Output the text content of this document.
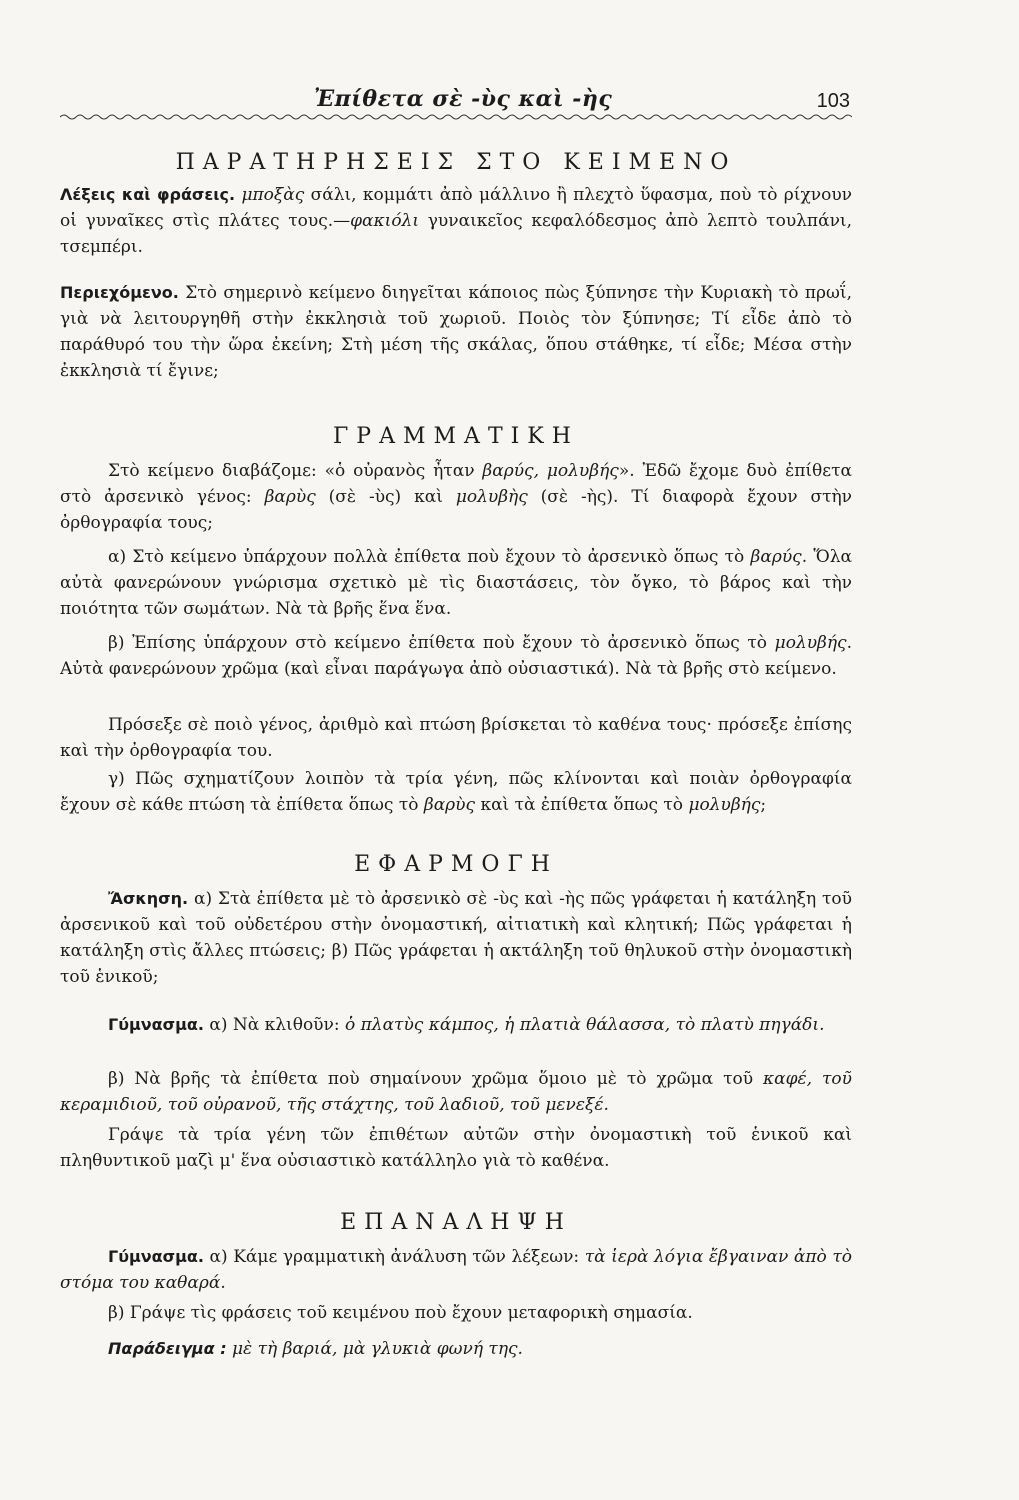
Ἐπίθετα σὲ -ὺς καὶ -ὴς	103
ΠΑΡΑΤΗΡΗΣΕΙΣ ΣΤΟ ΚΕΙΜΕΝΟ

Λέξεις καὶ φράσεις. μποξὰς σάλι, κομμάτι ἀπὸ μάλλινο ἢ πλεχτὸ ὕφασμα, ποὺ τὸ ρίχνουν οἱ γυναῖκες στὶς πλάτες τους.—φακιόλι γυναικεῖος κεφαλόδεσμος ἀπὸ λεπτὸ τουλπάνι, τσεμπέρι.

Περιεχόμενο. Στὸ σημερινὸ κείμενο διηγεῖται κάποιος πὼς ξύπνησε τὴν Κυριακὴ τὸ πρωΐ, γιὰ νὰ λειτουργηθῆ στὴν ἐκκλησιὰ τοῦ χωριοῦ. Ποιὸς τὸν ξύπνησε; Τί εἶδε ἀπὸ τὸ παράθυρό του τὴν ὥρα ἐκείνη; Στὴ μέση τῆς σκάλας, ὅπου στάθηκε, τί εἶδε; Μέσα στὴν ἐκκλησιὰ τί ἔγινε;

ΓΡΑΜΜΑΤΙΚΗ

Στὸ κείμενο διαβάζομε: «ὁ οὐρανὸς ἦταν βαρύς, μολυβής». Ἐδῶ ἔχομε δυὸ ἐπίθετα στὸ ἀρσενικὸ γένος: βαρὺς (σὲ -ὺς) καὶ μολυβὴς (σὲ -ὴς). Τί διαφορὰ ἔχουν στὴν ὀρθογραφία τους;

α) Στὸ κείμενο ὑπάρχουν πολλὰ ἐπίθετα ποὺ ἔχουν τὸ ἀρσενικὸ ὅπως τὸ βαρύς. Ὅλα αὐτὰ φανερώνουν γνώρισμα σχετικὸ μὲ τὶς διαστάσεις, τὸν ὄγκο, τὸ βάρος καὶ τὴν ποιότητα τῶν σωμάτων. Νὰ τὰ βρῆς ἕνα ἕνα.

β) Ἐπίσης ὑπάρχουν στὸ κείμενο ἐπίθετα ποὺ ἔχουν τὸ ἀρσενικὸ ὅπως τὸ μολυβής. Αὐτὰ φανερώνουν χρῶμα (καὶ εἶναι παράγωγα ἀπὸ οὐσιαστικά). Νὰ τὰ βρῆς στὸ κείμενο.

Πρόσεξε σὲ ποιὸ γένος, ἀριθμὸ καὶ πτώση βρίσκεται τὸ καθένα τους· πρόσεξε ἐπίσης καὶ τὴν ὀρθογραφία του.

γ) Πῶς σχηματίζουν λοιπὸν τὰ τρία γένη, πῶς κλίνονται καὶ ποιὰν ὀρθογραφία ἔχουν σὲ κάθε πτώση τὰ ἐπίθετα ὅπως τὸ βαρὺς καὶ τὰ ἐπίθετα ὅπως τὸ μολυβής;

ΕΦΑΡΜΟΓΗ

Ἄσκηση. α) Στὰ ἐπίθετα μὲ τὸ ἀρσενικὸ σὲ -ὺς καὶ -ὴς πῶς γράφεται ἡ κατάληξη τοῦ ἀρσενικοῦ καὶ τοῦ οὐδετέρου στὴν ὀνομαστική, αἰτιατικὴ καὶ κλητική; Πῶς γράφεται ἡ κατάληξη στὶς ἄλλες πτώσεις; β) Πῶς γράφεται ἡ ακτάληξη τοῦ θηλυκοῦ στὴν ὀνομαστικὴ τοῦ ἑνικοῦ;

Γύμνασμα. α) Νὰ κλιθοῦν: ὁ πλατὺς κάμπος, ἡ πλατιὰ θάλασσα, τὸ πλατὺ πηγάδι.

β) Νὰ βρῆς τὰ ἐπίθετα ποὺ σημαίνουν χρῶμα ὅμοιο μὲ τὸ χρῶμα τοῦ καφέ, τοῦ κεραμιδιοῦ, τοῦ οὐρανοῦ, τῆς στάχτης, τοῦ λαδιοῦ, τοῦ μενεξέ.

Γράψε τὰ τρία γένη τῶν ἐπιθέτων αὐτῶν στὴν ὀνομαστικὴ τοῦ ἑνικοῦ καὶ πληθυντικοῦ μαζὶ μ' ἕνα οὐσιαστικὸ κατάλληλο γιὰ τὸ καθένα.

ΕΠΑΝΑΛΗΨΗ

Γύμνασμα. α) Κάμε γραμματικὴ ἀνάλυση τῶν λέξεων: τὰ ἱερὰ λόγια ἔβγαιναν ἀπὸ τὸ στόμα του καθαρά.

β) Γράψε τὶς φράσεις τοῦ κειμένου ποὺ ἔχουν μεταφορικὴ σημασία.

Παράδειγμα : μὲ τὴ βαριά, μὰ γλυκιὰ φωνή της.
